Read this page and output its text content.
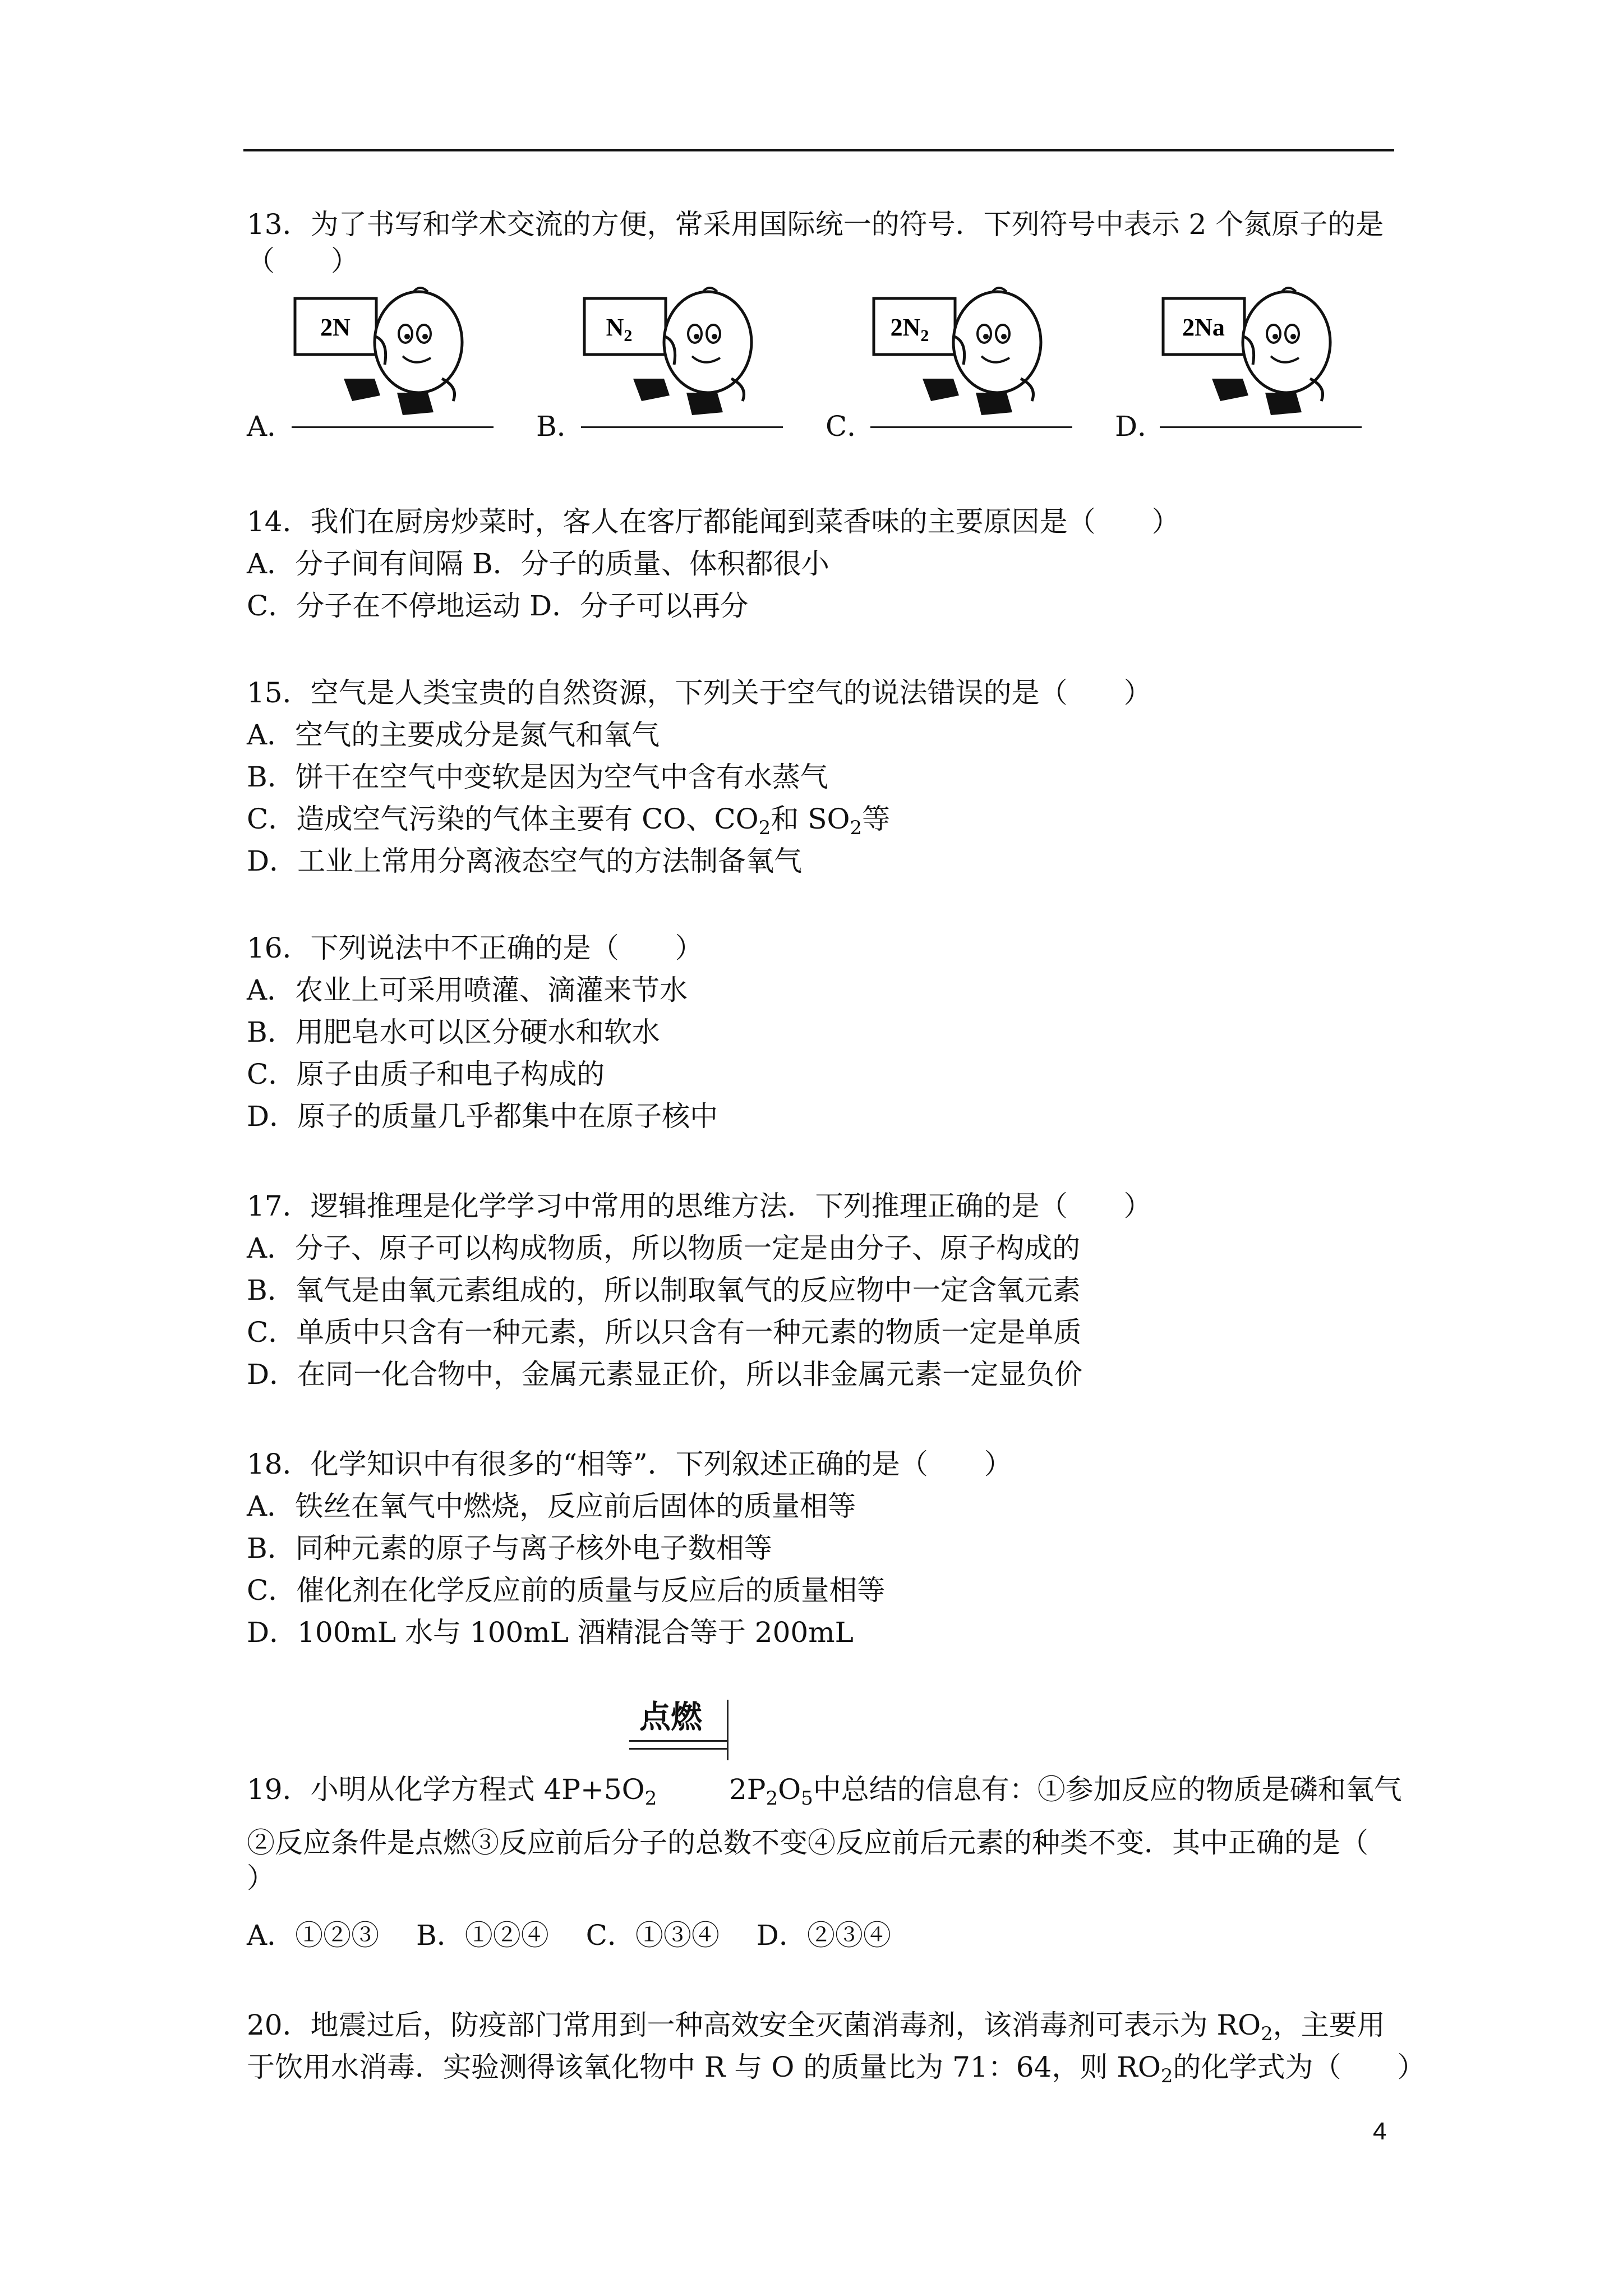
13．为了书写和学术交流的方便，常采用国际统一的符号．下列符号中表示 2 个氮原子的是
（　　）
2N	$N_2$	$2N_2$	2Na
A．	B．	C．	D．
14．我们在厨房炒菜时，客人在客厅都能闻到菜香味的主要原因是（　　）
A．分子间有间隔 B．分子的质量、体积都很小
C．分子在不停地运动 D．分子可以再分
15．空气是人类宝贵的自然资源，下列关于空气的说法错误的是（　　）
A．空气的主要成分是氮气和氧气
B．饼干在空气中变软是因为空气中含有水蒸气
C．造成空气污染的气体主要有 CO、$CO_2$和 $SO_2$等
D．工业上常用分离液态空气的方法制备氧气
16．下列说法中不正确的是（　　）
A．农业上可采用喷灌、滴灌来节水
B．用肥皂水可以区分硬水和软水
C．原子由质子和电子构成的
D．原子的质量几乎都集中在原子核中
17．逻辑推理是化学学习中常用的思维方法．下列推理正确的是（　　）
A．分子、原子可以构成物质，所以物质一定是由分子、原子构成的
B．氧气是由氧元素组成的，所以制取氧气的反应物中一定含氧元素
C．单质中只含有一种元素，所以只含有一种元素的物质一定是单质
D．在同一化合物中，金属元素显正价，所以非金属元素一定显负价
18．化学知识中有很多的“相等”．下列叙述正确的是（　　）
A．铁丝在氧气中燃烧，反应前后固体的质量相等
B．同种元素的原子与离子核外电子数相等
C．催化剂在化学反应前的质量与反应后的质量相等
D．100mL 水与 100mL 酒精混合等于 200mL
点燃
19．小明从化学方程式 $4P+5O_2$	$2P_2O_5$中总结的信息有：①参加反应的物质是磷和氧气
②反应条件是点燃③反应前后分子的总数不变④反应前后元素的种类不变．其中正确的是（
）
A．①②③　 B．①②④　 C．①③④　 D．②③④
20．地震过后，防疫部门常用到一种高效安全灭菌消毒剂，该消毒剂可表示为 $RO_2$，主要用
于饮用水消毒．实验测得该氧化物中 R 与 O 的质量比为 71：64，则 $RO_2$的化学式为（　　）
4
